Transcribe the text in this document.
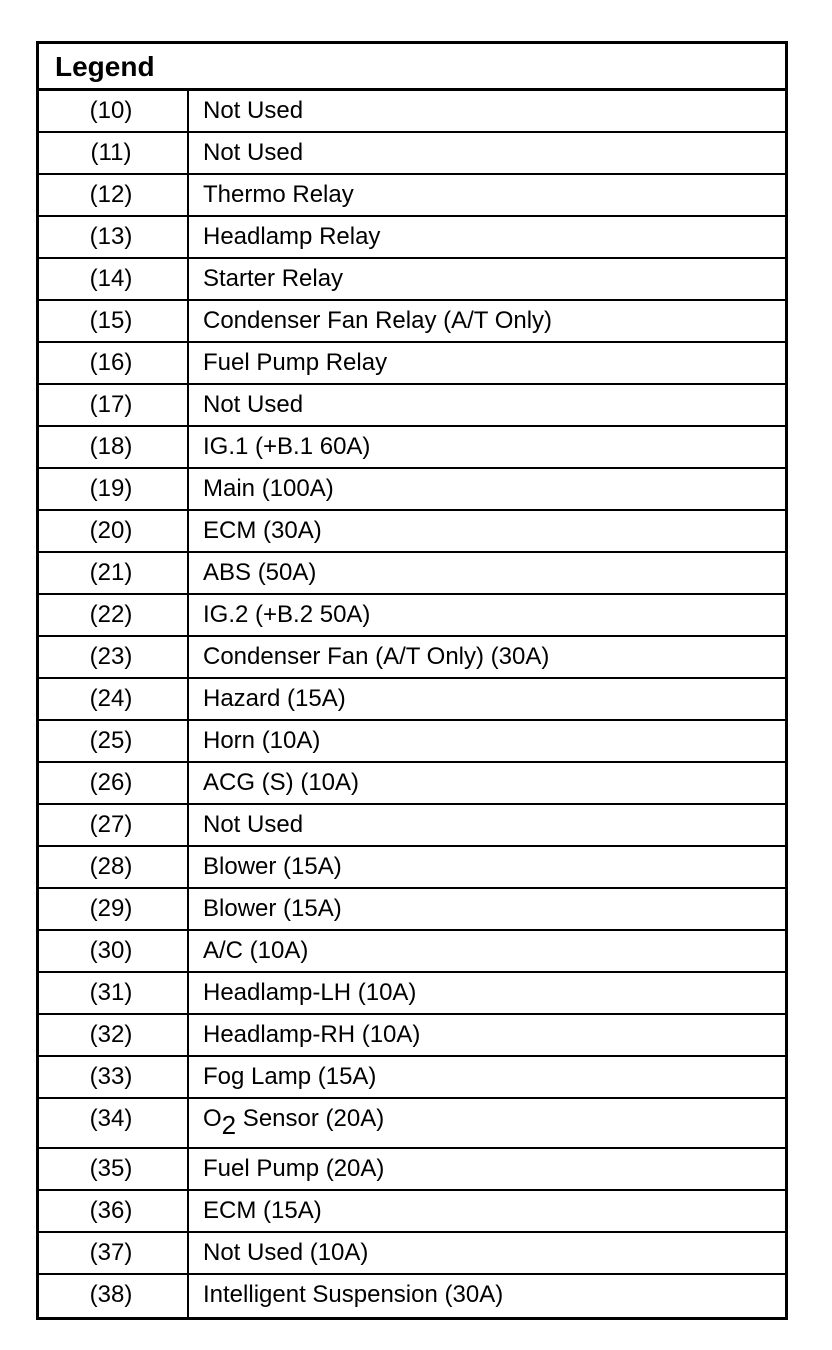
Legend
(10)	Not Used
(11)	Not Used
(12)	Thermo Relay
(13)	Headlamp Relay
(14)	Starter Relay
(15)	Condenser Fan Relay (A/T Only)
(16)	Fuel Pump Relay
(17)	Not Used
(18)	IG.1 (+B.1 60A)
(19)	Main (100A)
(20)	ECM (30A)
(21)	ABS (50A)
(22)	IG.2 (+B.2 50A)
(23)	Condenser Fan (A/T Only) (30A)
(24)	Hazard (15A)
(25)	Horn (10A)
(26)	ACG (S) (10A)
(27)	Not Used
(28)	Blower (15A)
(29)	Blower (15A)
(30)	A/C (10A)
(31)	Headlamp-LH (10A)
(32)	Headlamp-RH (10A)
(33)	Fog Lamp (15A)
(34)	O2 Sensor (20A)
(35)	Fuel Pump (20A)
(36)	ECM (15A)
(37)	Not Used (10A)
(38)	Intelligent Suspension (30A)
